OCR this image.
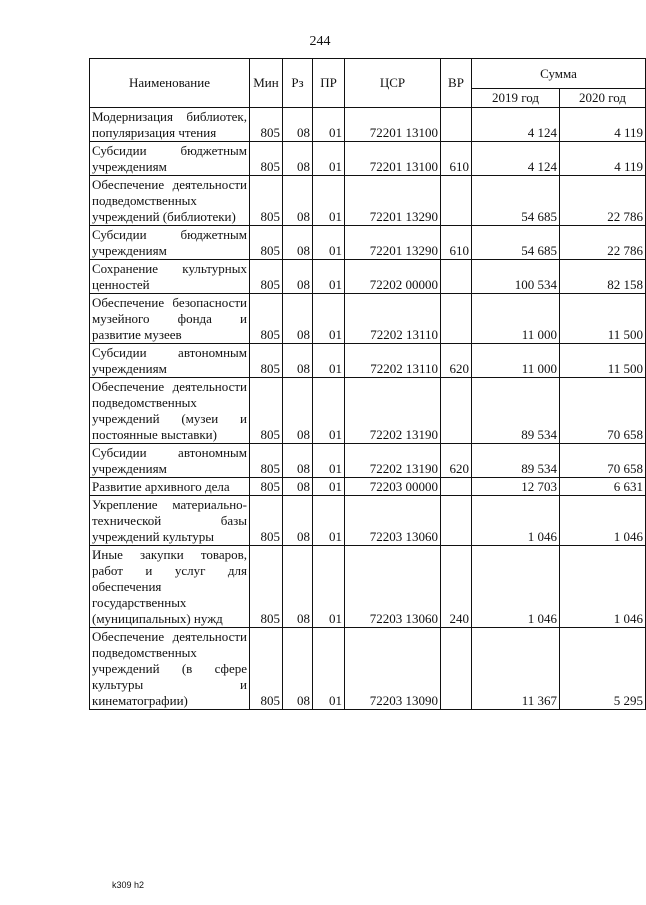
244
Наименование	Мин	Рз	ПР	ЦСР	ВР	Сумма	
						2019 год	2020 год
Модернизация библиотек, популяризация чтения	805	08	01	72201 13100		4 124	4 119
Субсидии бюджетным учреждениям	805	08	01	72201 13100	610	4 124	4 119
Обеспечение деятельности подведомственных учреждений (библиотеки)	805	08	01	72201 13290		54 685	22 786
Субсидии бюджетным учреждениям	805	08	01	72201 13290	610	54 685	22 786
Сохранение культурных ценностей	805	08	01	72202 00000		100 534	82 158
Обеспечение безопасности музейного фонда и развитие музеев	805	08	01	72202 13110		11 000	11 500
Субсидии автономным учреждениям	805	08	01	72202 13110	620	11 000	11 500
Обеспечение деятельности подведомственных учреждений (музеи и постоянные выставки)	805	08	01	72202 13190		89 534	70 658
Субсидии автономным учреждениям	805	08	01	72202 13190	620	89 534	70 658
Развитие архивного дела	805	08	01	72203 00000		12 703	6 631
Укрепление материально-технической базы учреждений культуры	805	08	01	72203 13060		1 046	1 046
Иные закупки товаров, работ и услуг для обеспечения государственных (муниципальных) нужд	805	08	01	72203 13060	240	1 046	1 046
Обеспечение деятельности подведомственных учреждений (в сфере культуры и кинематографии)	805	08	01	72203 13090		11 367	5 295
k309 h2
